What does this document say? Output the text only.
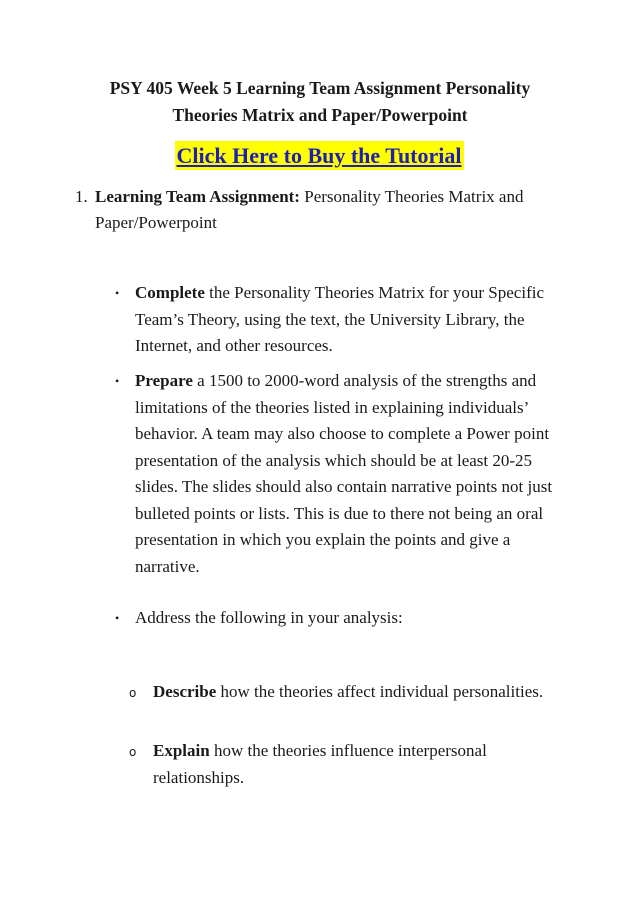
PSY 405 Week 5 Learning Team Assignment Personality
Theories Matrix and Paper/Powerpoint
Click Here to Buy the Tutorial
1. Learning Team Assignment: Personality Theories Matrix and Paper/Powerpoint
• Complete the Personality Theories Matrix for your Specific Team’s Theory, using the text, the University Library, the Internet, and other resources.
• Prepare a 1500 to 2000-word analysis of the strengths and limitations of the theories listed in explaining individuals’ behavior. A team may also choose to complete a Power point presentation of the analysis which should be at least 20-25 slides. The slides should also contain narrative points not just bulleted points or lists. This is due to there not being an oral presentation in which you explain the points and give a narrative.
• Address the following in your analysis:
o Describe how the theories affect individual personalities.
o Explain how the theories influence interpersonal relationships.
